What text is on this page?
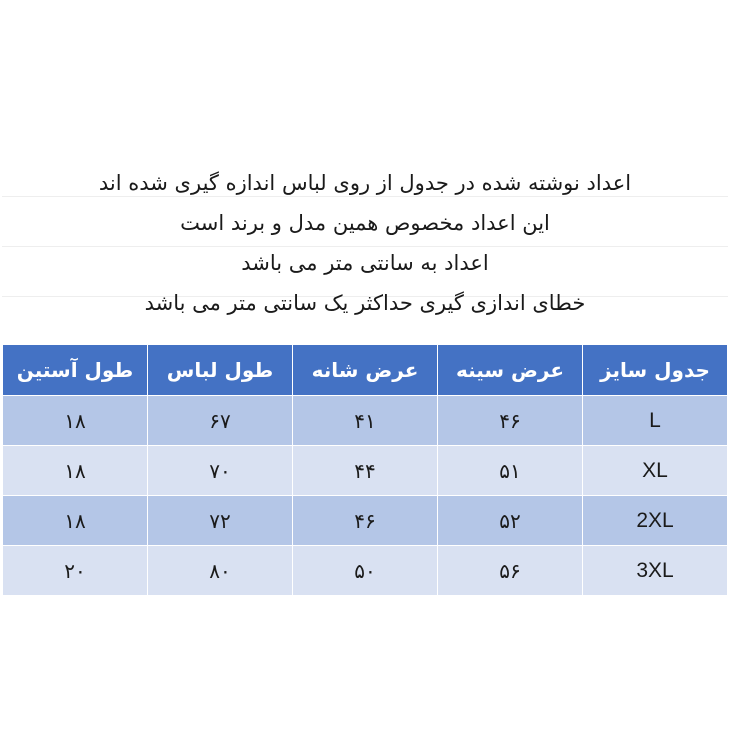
اعداد نوشته شده در جدول از روی لباس اندازه گیری شده اند
این اعداد مخصوص همین مدل و برند است
اعداد به سانتی متر می باشد
خطای اندازی گیری حداکثر یک سانتی متر می باشد
جدول سایز	عرض سینه	عرض شانه	طول لباس	طول آستین
L	۴۶	۴۱	۶۷	۱۸
XL	۵۱	۴۴	۷۰	۱۸
2XL	۵۲	۴۶	۷۲	۱۸
3XL	۵۶	۵۰	۸۰	۲۰
